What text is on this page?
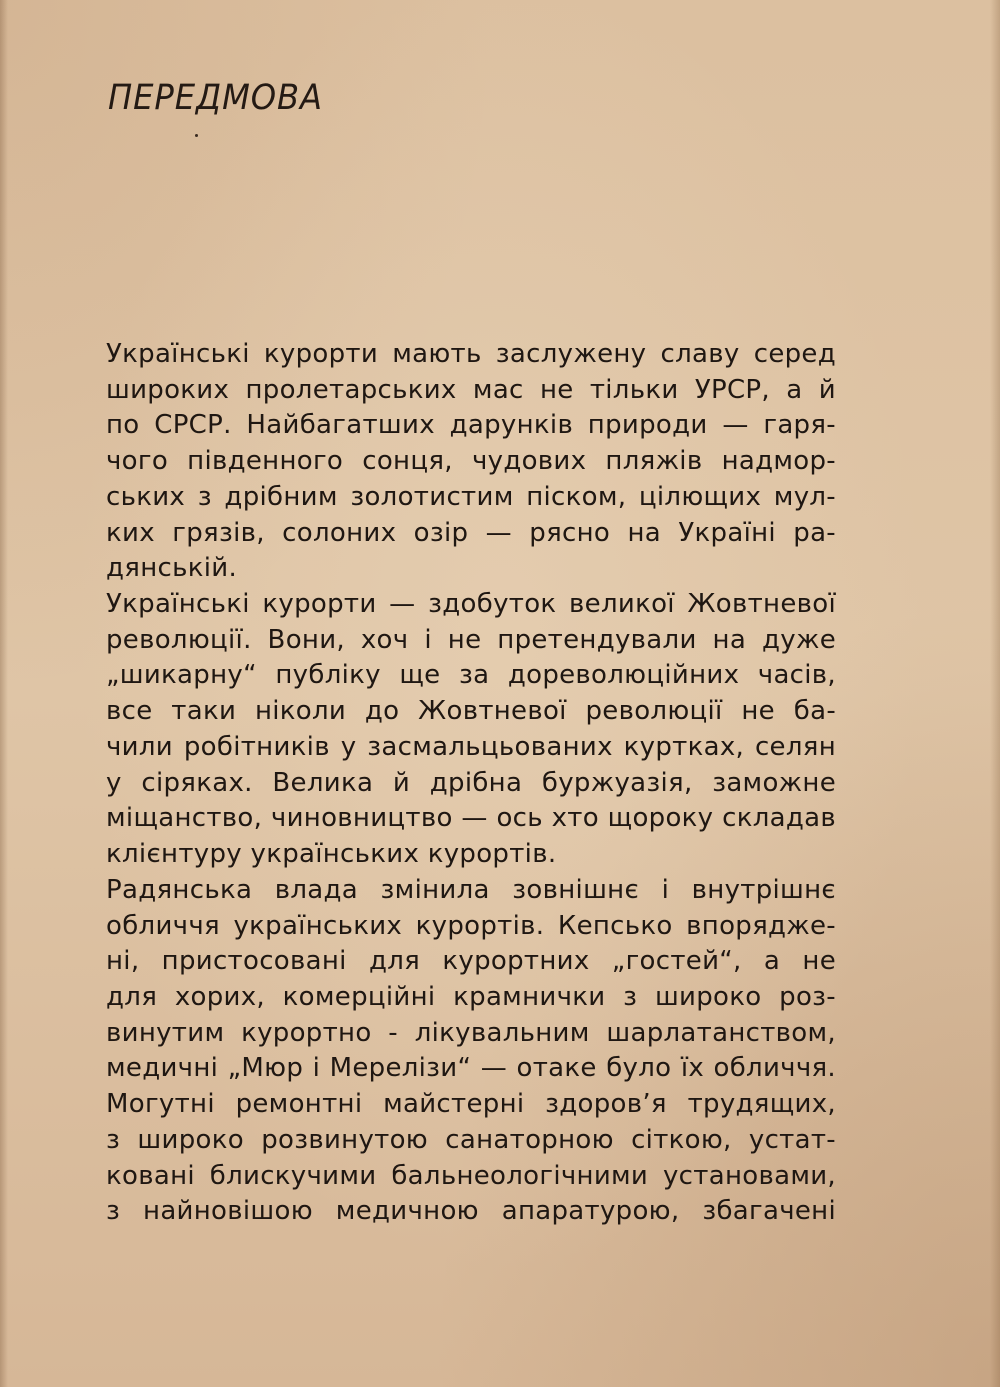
ПЕРЕДМОВА
Українські курорти мають заслужену славу серед
широких пролетарських мас не тільки УРСР, а й
по СРСР. Найбагатших дарунків природи — гаря-
чого південного сонця, чудових пляжів надмор-
ських з дрібним золотистим піском, цілющих мул-
ких грязів, солоних озір — рясно на Україні ра-
дянській.
Українські курорти — здобуток великої Жовтневої
революції. Вони, хоч і не претендували на дуже
„шикарну“ публіку ще за дореволюційних часів,
все таки ніколи до Жовтневої революції не ба-
чили робітників у засмальцьованих куртках, селян
у сіряках. Велика й дрібна буржуазія, заможне
міщанство, чиновництво — ось хто щороку складав
клієнтуру українських курортів.
Радянська влада змінила зовнішнє і внутрішнє
обличчя українських курортів. Кепсько впорядже-
ні, пристосовані для курортних „гостей“, а не
для хорих, комерційні крамнички з широко роз-
винутим курортно - лікувальним шарлатанством,
медичні „Мюр і Мерелізи“ — отаке було їх обличчя.
Могутні ремонтні майстерні здоров’я трудящих,
з широко розвинутою санаторною сіткою, устат-
ковані блискучими бальнеологічними установами,
з найновішою медичною апаратурою, збагачені
